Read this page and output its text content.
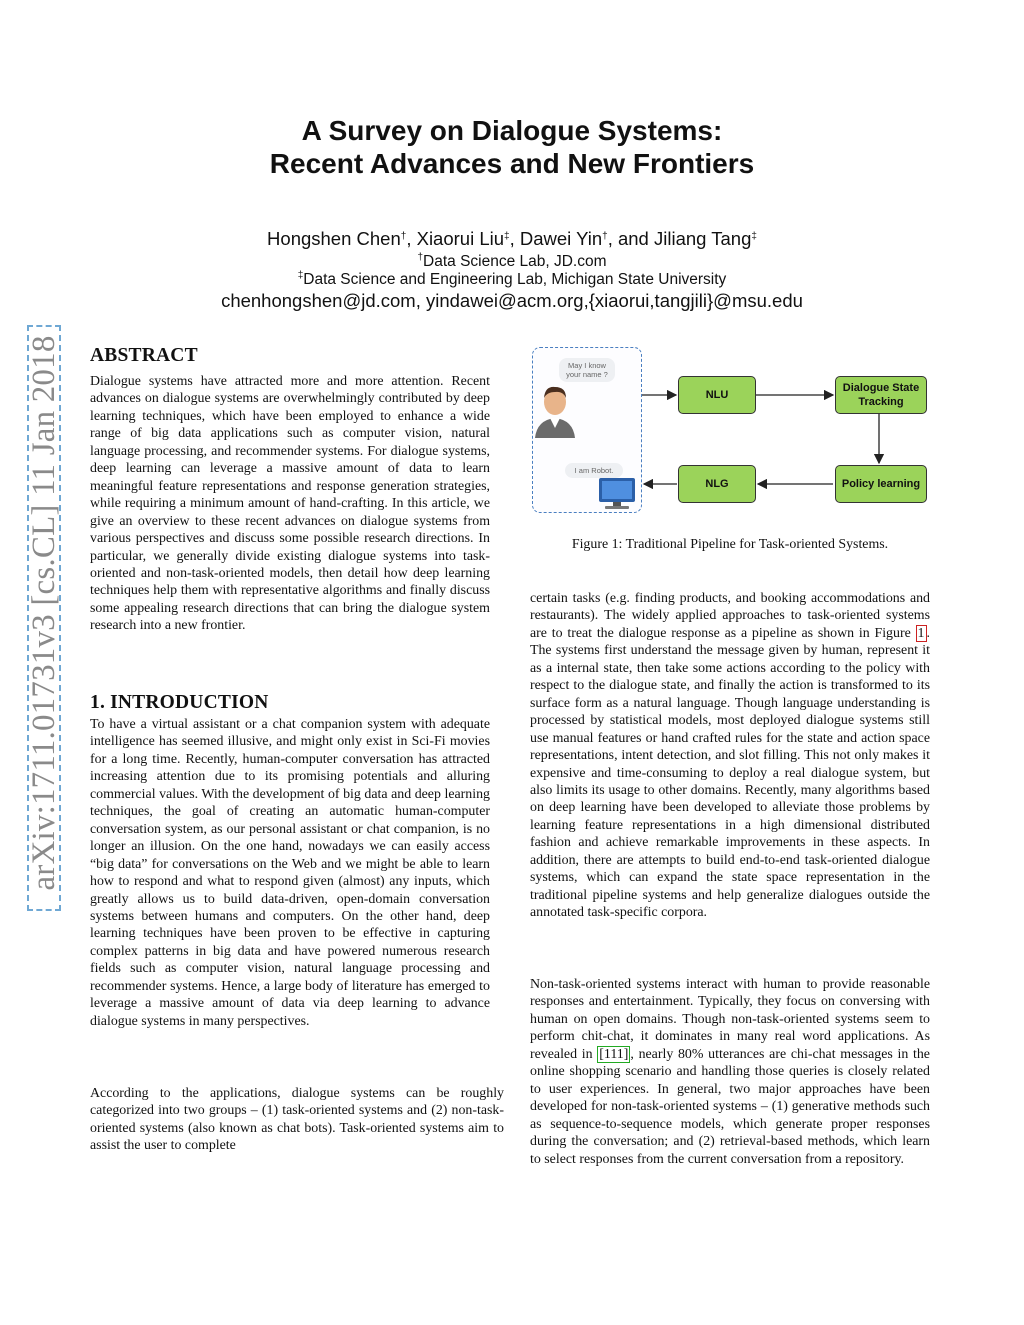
A Survey on Dialogue Systems:
Recent Advances and New Frontiers
Hongshen Chen†, Xiaorui Liu‡, Dawei Yin†, and Jiliang Tang‡
†Data Science Lab, JD.com
‡Data Science and Engineering Lab, Michigan State University
chenhongshen@jd.com, yindawei@acm.org,{xiaorui,tangjili}@msu.edu
arXiv:1711.01731v3 [cs.CL] 11 Jan 2018 ABSTRACT

Dialogue systems have attracted more and more attention. Recent advances on dialogue systems are overwhelmingly contributed by deep learning techniques, which have been employed to enhance a wide range of big data applications such as computer vision, natural language processing, and recommender systems. For dialogue systems, deep learning can leverage a massive amount of data to learn meaningful feature representations and response generation strategies, while requiring a minimum amount of hand-crafting. In this article, we give an overview to these recent advances on dialogue systems from various perspectives and discuss some possible research directions. In particular, we generally divide existing dialogue systems into task-oriented and non-task-oriented models, then detail how deep learning techniques help them with representative algorithms and finally discuss some appealing research directions that can bring the dialogue system research into a new frontier.

1. INTRODUCTION

To have a virtual assistant or a chat companion system with adequate intelligence has seemed illusive, and might only exist in Sci-Fi movies for a long time. Recently, human-computer conversation has attracted increasing attention due to its promising potentials and alluring commercial values. With the development of big data and deep learning techniques, the goal of creating an automatic human-computer conversation system, as our personal assistant or chat companion, is no longer an illusion. On the one hand, nowadays we can easily access “big data” for conversations on the Web and we might be able to learn how to respond and what to respond given (almost) any inputs, which greatly allows us to build data-driven, open-domain conversation systems between humans and computers. On the other hand, deep learning techniques have been proven to be effective in capturing complex patterns in big data and have powered numerous research fields such as computer vision, natural language processing and recommender systems. Hence, a large body of literature has emerged to leverage a massive amount of data via deep learning to advance dialogue systems in many perspectives.

According to the applications, dialogue systems can be roughly categorized into two groups – (1) task-oriented systems and (2) non-task-oriented systems (also known as chat bots). Task-oriented systems aim to assist the user to complete

May I know your name ?
I am Robot.
NLU
Dialogue State Tracking
NLG	Policy learning
Figure 1: Traditional Pipeline for Task-oriented Systems.

certain tasks (e.g. finding products, and booking accommodations and restaurants). The widely applied approaches to task-oriented systems are to treat the dialogue response as a pipeline as shown in Figure 1 . The systems first understand the message given by human, represent it as a internal state, then take some actions according to the policy with respect to the dialogue state, and finally the action is transformed to its surface form as a natural language. Though language understanding is processed by statistical models, most deployed dialogue systems still use manual features or hand crafted rules for the state and action space representations, intent detection, and slot filling. This not only makes it expensive and time-consuming to deploy a real dialogue system, but also limits its usage to other domains. Recently, many algorithms based on deep learning have been developed to alleviate those problems by learning feature representations in a high dimensional distributed fashion and achieve remarkable improvements in these aspects. In addition, there are attempts to build end-to-end task-oriented dialogue systems, which can expand the state space representation in the traditional pipeline systems and help generalize dialogues outside the annotated task-specific corpora.

Non-task-oriented systems interact with human to provide reasonable responses and entertainment. Typically, they focus on conversing with human on open domains. Though non-task-oriented systems seem to perform chit-chat, it dominates in many real word applications. As revealed in [111] , nearly 80% utterances are chi-chat messages in the online shopping scenario and handling those queries is closely related to user experiences. In general, two major approaches have been developed for non-task-oriented systems – (1) generative methods such as sequence-to-sequence models, which generate proper responses during the conversation; and (2) retrieval-based methods, which learn to select responses from the current conversation from a repository.
